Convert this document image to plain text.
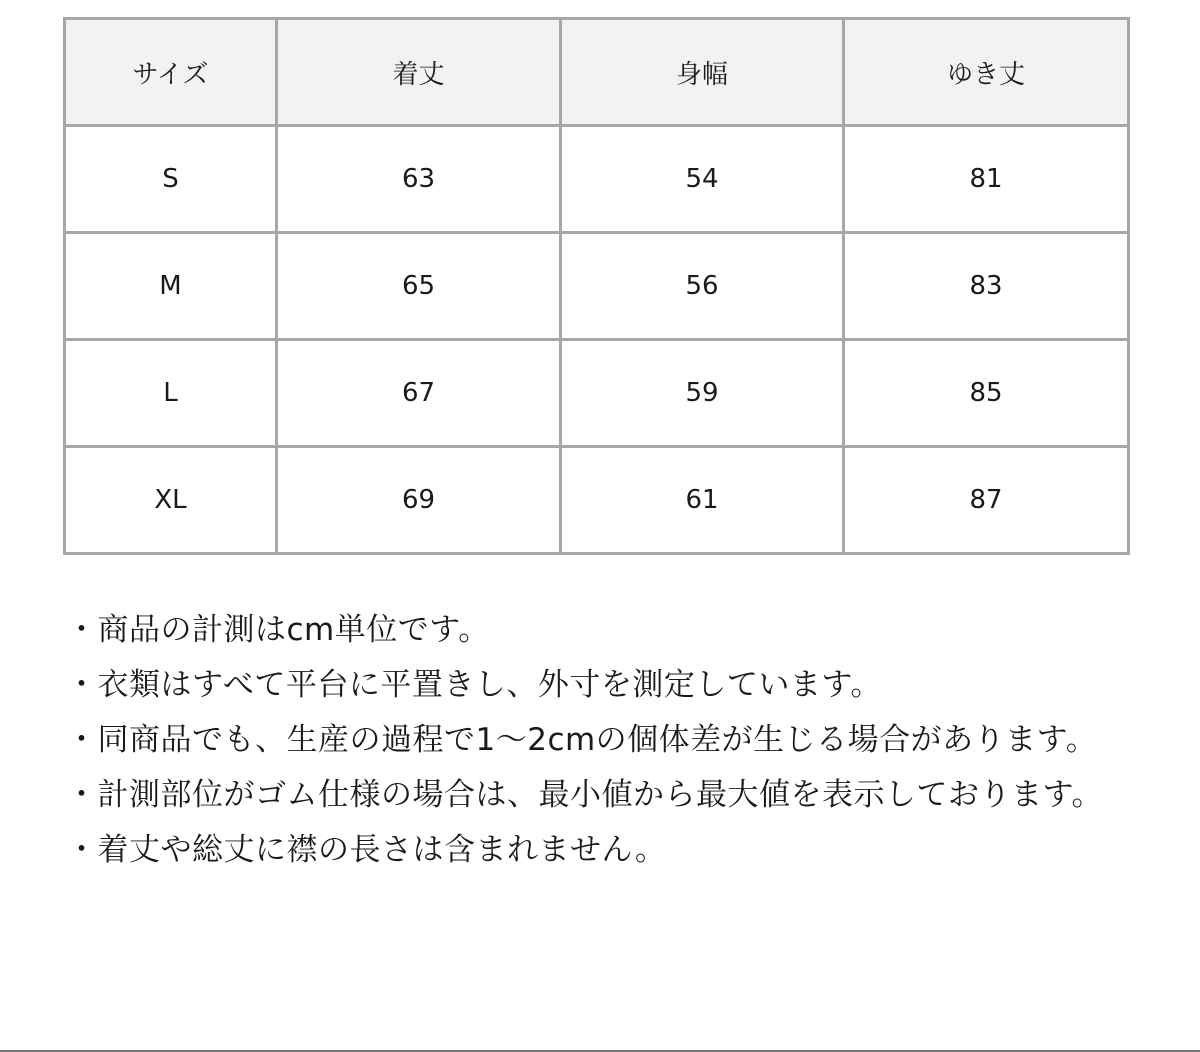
サイズ	着丈	身幅	ゆき丈
S	63	54	81
M	65	56	83
L	67	59	85
XL	69	61	87
・商品の計測はcm単位です。
・衣類はすべて平台に平置きし、外寸を測定しています。
・同商品でも、生産の過程で1〜2cmの個体差が生じる場合があります。
・計測部位がゴム仕様の場合は、最小値から最大値を表示しております。
・着丈や総丈に襟の長さは含まれません。
